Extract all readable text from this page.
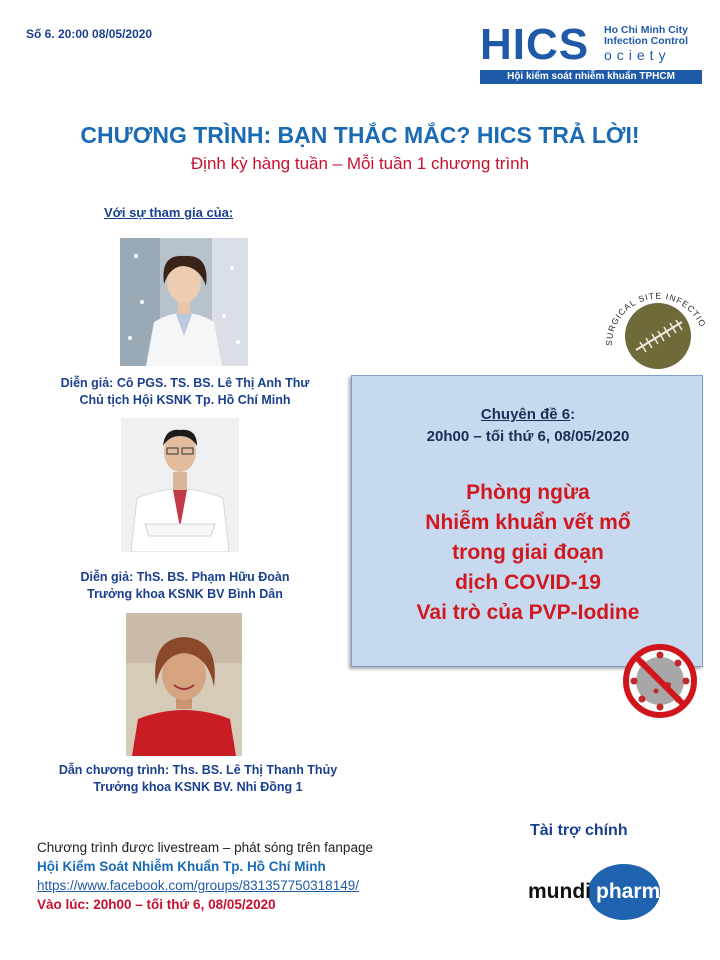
Số 6. 20:00 08/05/2020	HICS Ho Chi Minh City
Infection Control
ociety
Hội kiểm soát nhiễm khuẩn TPHCM
CHƯƠNG TRÌNH: BẠN THẮC MẮC? HICS TRẢ LỜI!
Định kỳ hàng tuần – Mỗi tuần 1 chương trình
Với sự tham gia của:
Diễn giả: Cô PGS. TS. BS. Lê Thị Anh Thư
Chủ tịch Hội KSNK Tp. Hồ Chí Minh
Diễn giả: ThS. BS. Phạm Hữu Đoàn
Trưởng khoa KSNK BV Bình Dân
Dẫn chương trình: Ths. BS. Lê Thị Thanh Thủy
Trưởng khoa KSNK BV. Nhi Đồng 1
SURGICAL SITE INFECTIO
Chuyên đề 6:
20h00 – tối thứ 6, 08/05/2020
Phòng ngừa
Nhiễm khuẩn vết mổ
trong giai đoạn
dịch COVID-19
Vai trò của PVP-Iodine
Chương trình được livestream – phát sóng trên fanpage
Hội Kiểm Soát Nhiễm Khuẩn Tp. Hồ Chí Minh
https://www.facebook.com/groups/831357750318149/
Vào lúc: 20h00 – tối thứ 6, 08/05/2020
Tài trợ chính
mundi pharma
